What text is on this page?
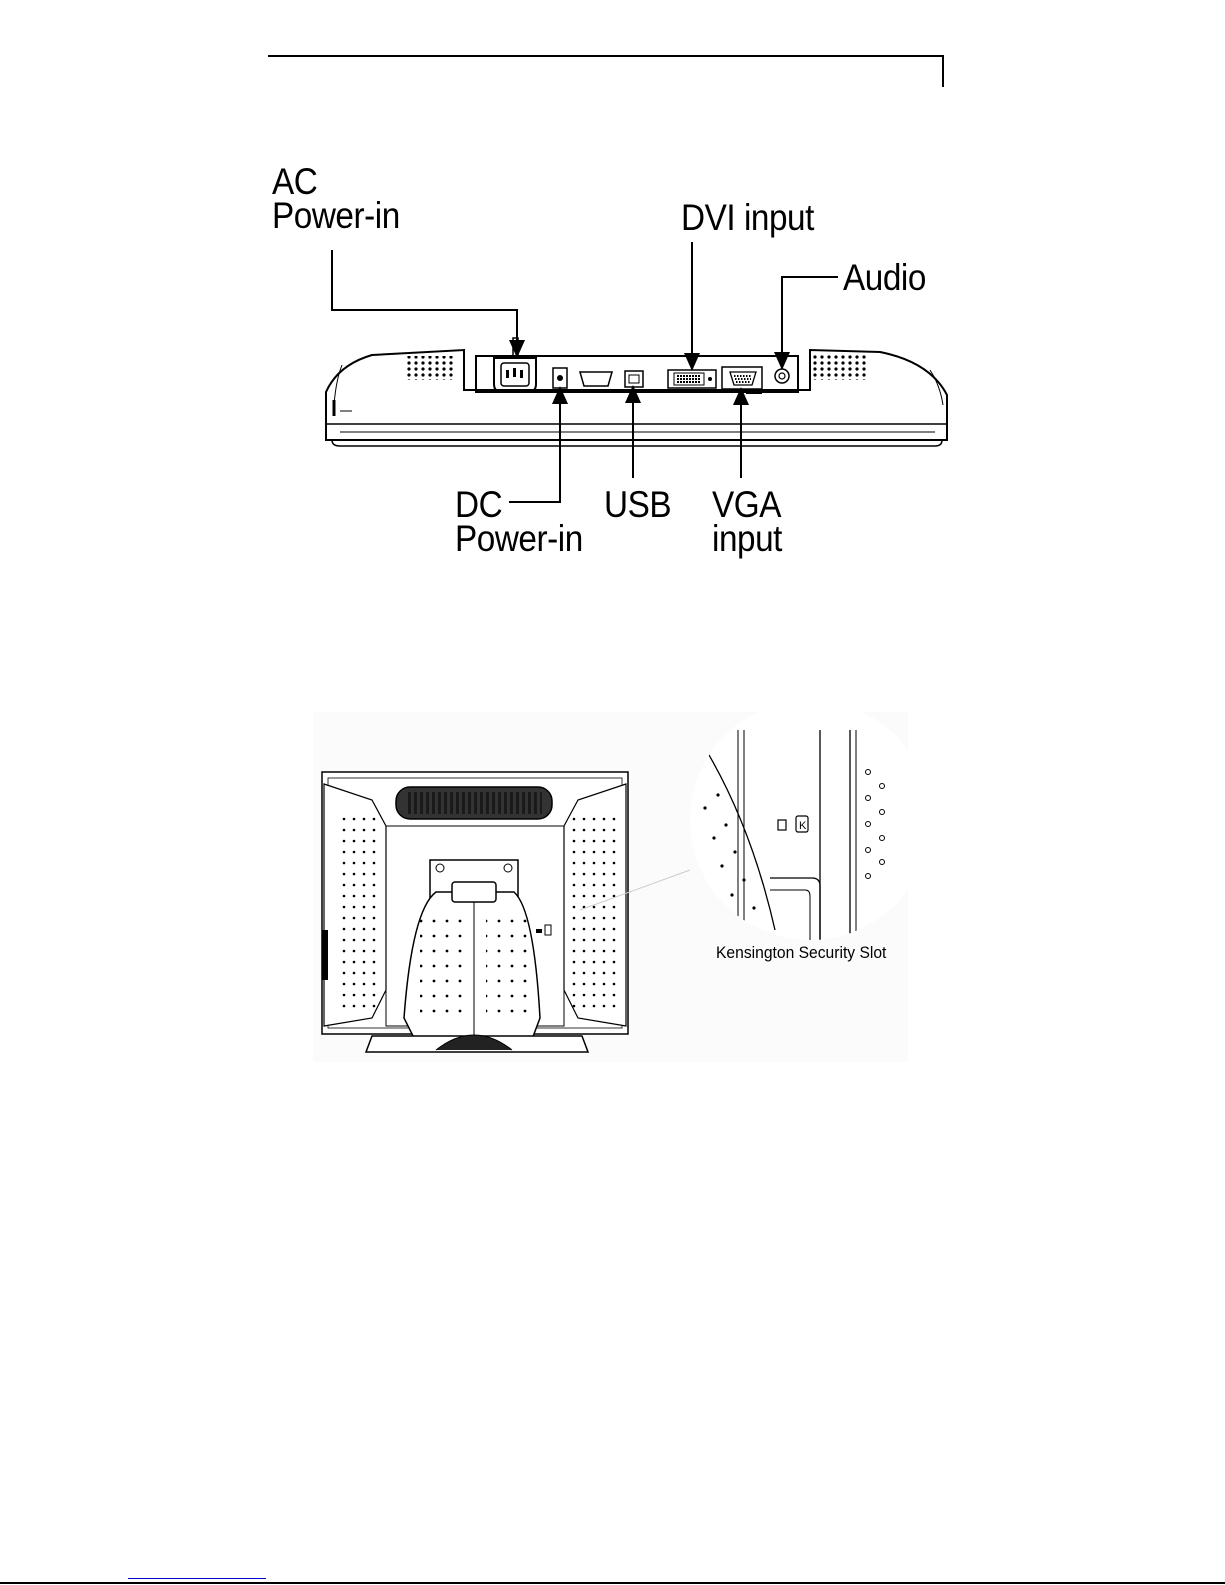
AC
Power-in	DVI input
Audio
DC
Power-in
USB VGA
input
K
Kensington Security Slot
